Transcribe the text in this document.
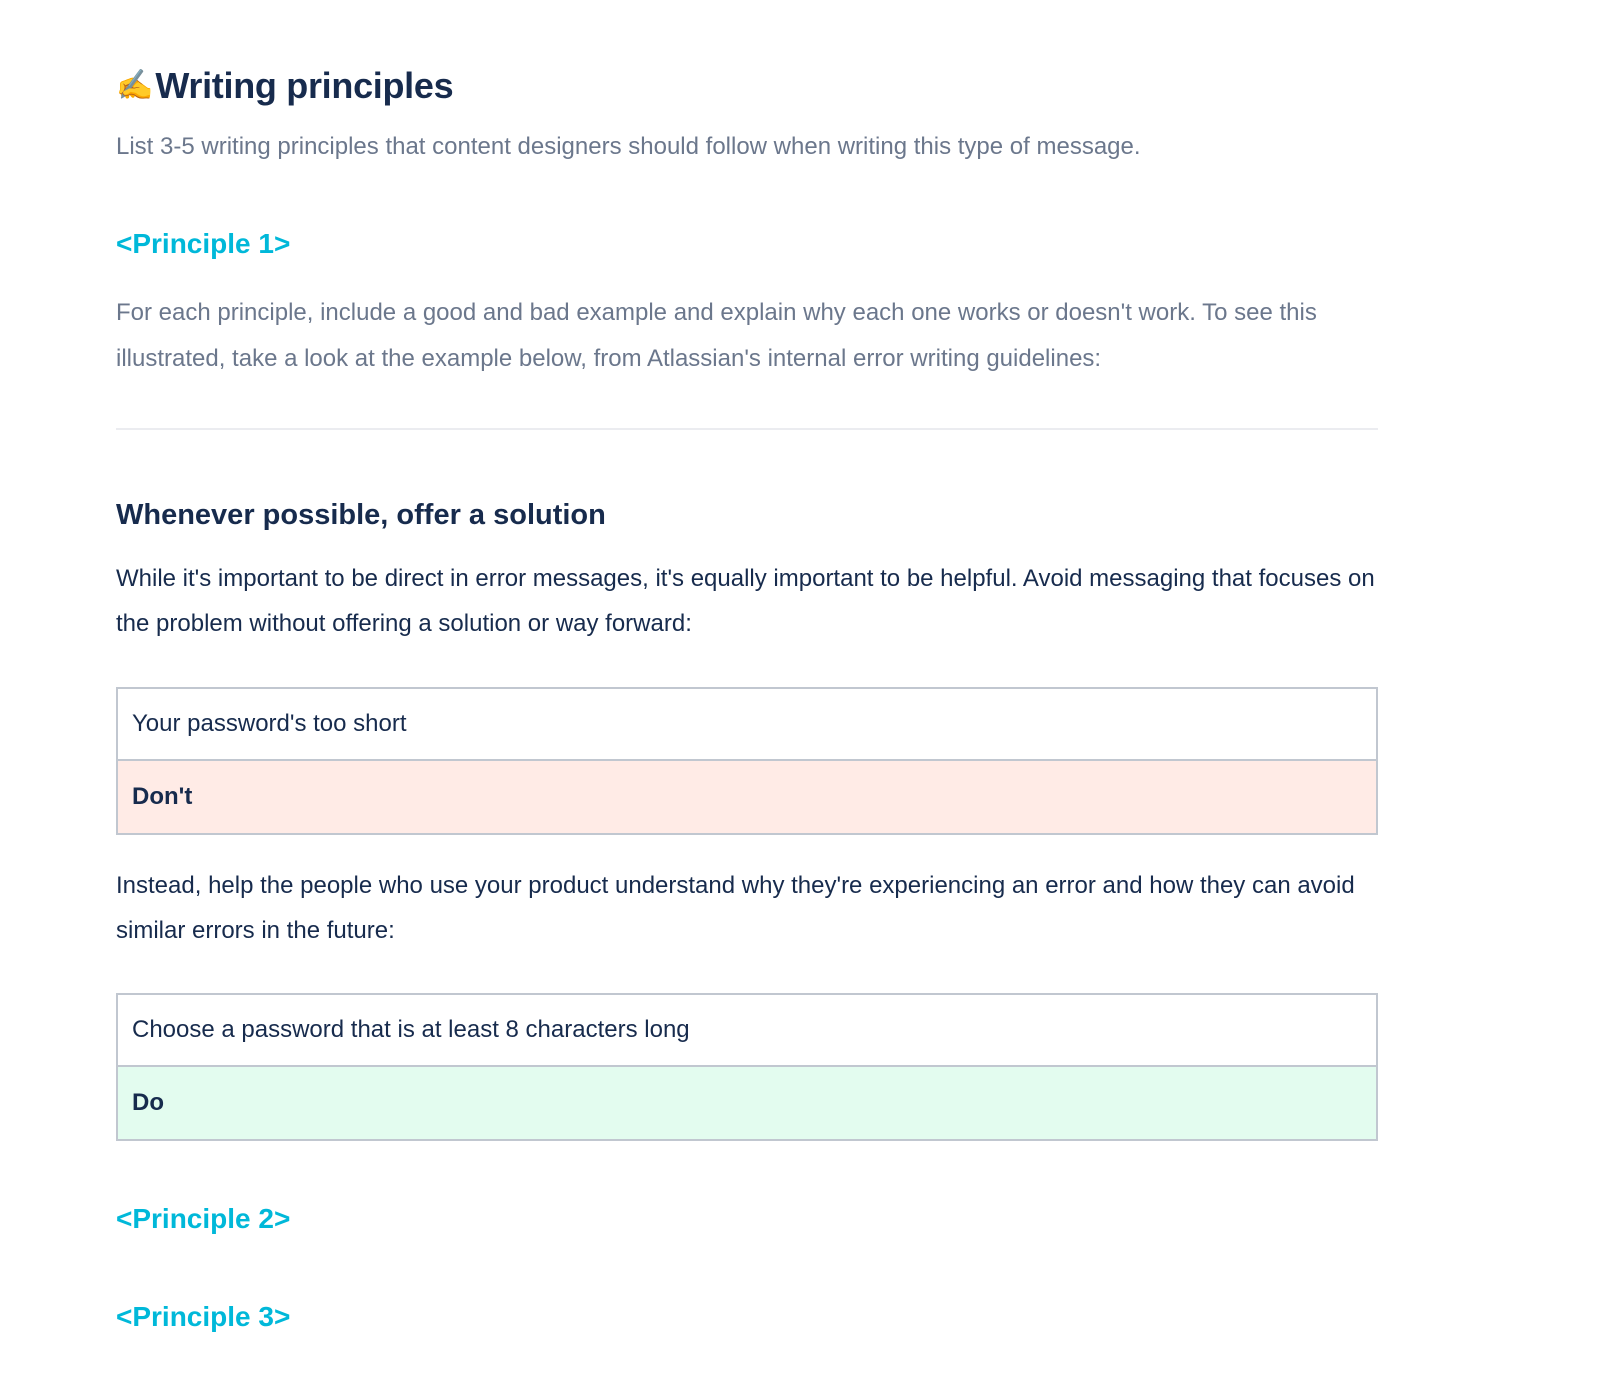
✍️ Writing principles

List 3-5 writing principles that content designers should follow when writing this type of message.

<Principle 1>

For each principle, include a good and bad example and explain why each one works or doesn't work. To see this illustrated, take a look at the example below, from Atlassian's internal error writing guidelines:

Whenever possible, offer a solution

While it's important to be direct in error messages, it's equally important to be helpful. Avoid messaging that focuses on the problem without offering a solution or way forward:

Your password's too short
Don't

Instead, help the people who use your product understand why they're experiencing an error and how they can avoid similar errors in the future:

Choose a password that is at least 8 characters long
Do
<Principle 2>
<Principle 3>
